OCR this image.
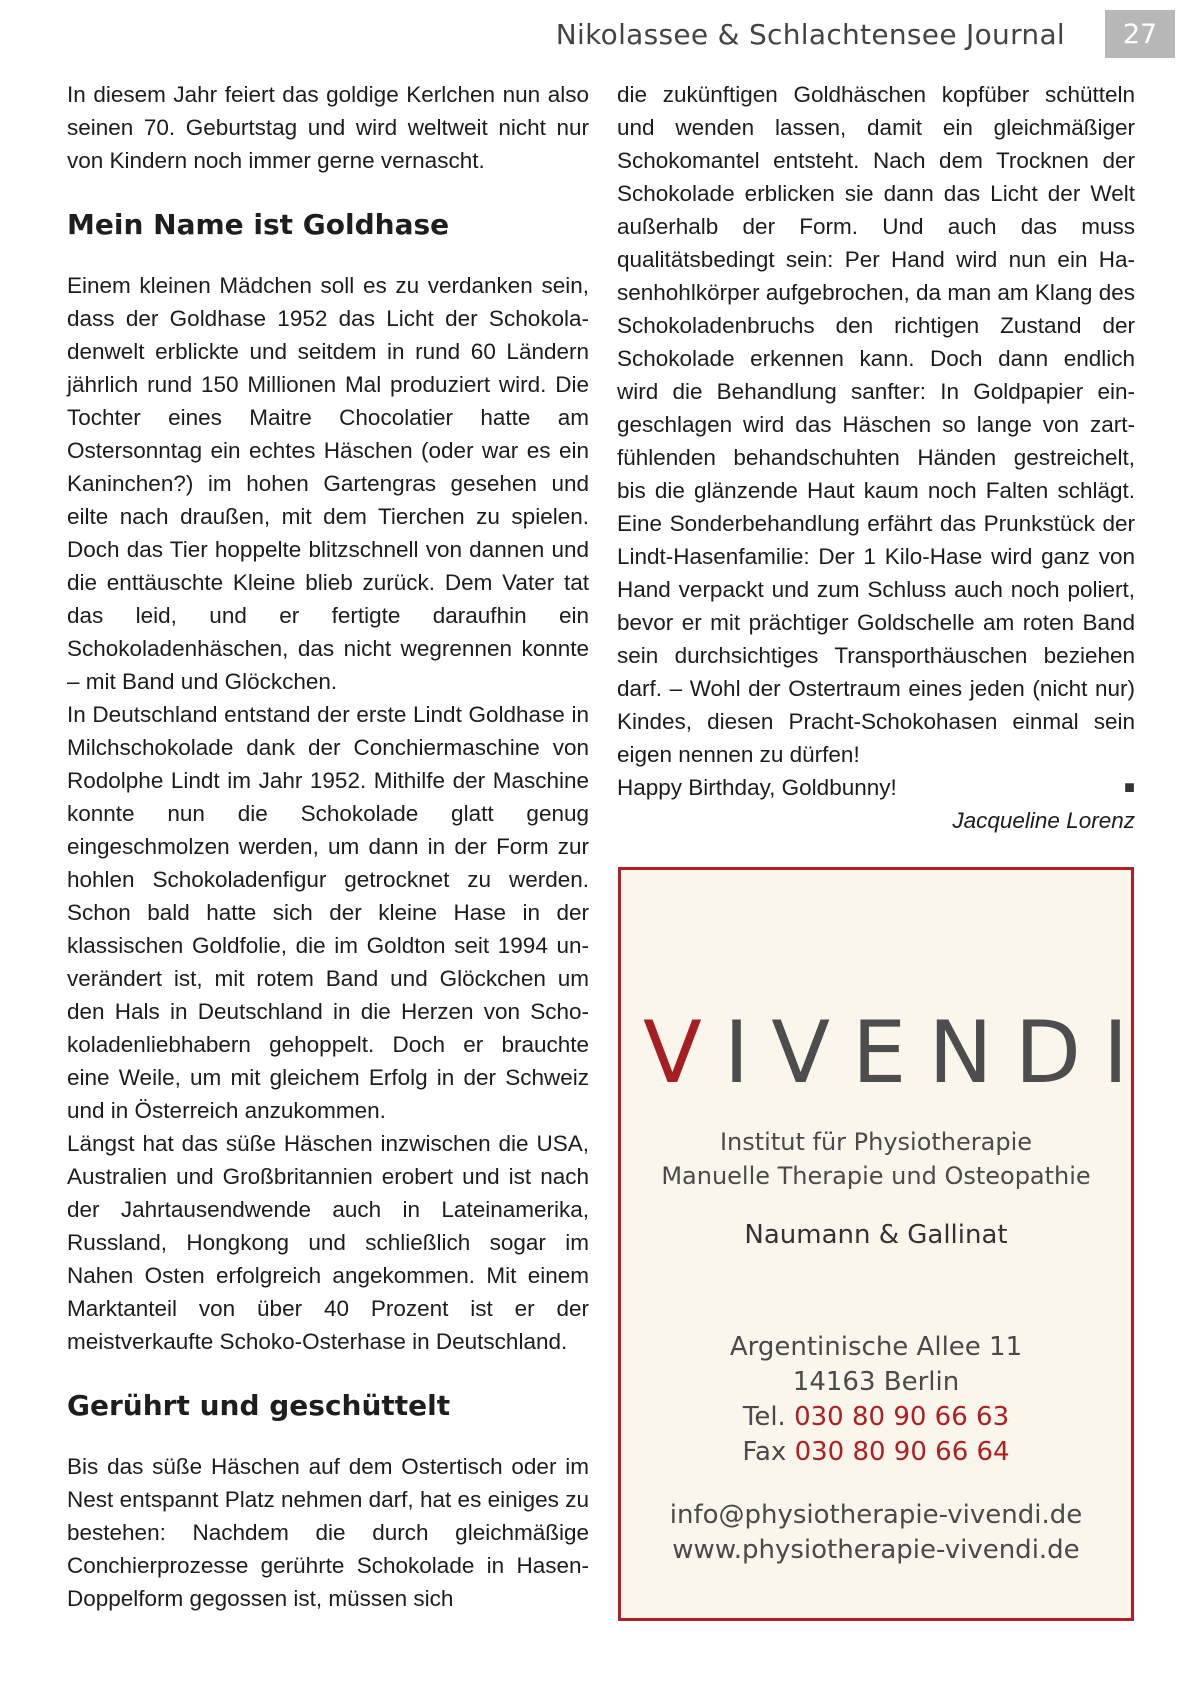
Nikolassee & Schlachtensee Journal	27

In diesem Jahr feiert das goldige Kerlchen nun also seinen 70. Geburtstag und wird weltweit nicht nur von Kindern noch immer gerne vernascht.

Mein Name ist Goldhase

Einem kleinen Mädchen soll es zu verdanken sein, dass der Goldhase 1952 das Licht der Schokoladenwelt erblickte und seitdem in rund 60 Ländern jährlich rund 150 Millionen Mal produziert wird. Die Tochter eines Maitre Chocolatier hatte am Ostersonntag ein echtes Häschen (oder war es ein Kaninchen?) im hohen Gartengras gesehen und eilte nach draußen, mit dem Tierchen zu spielen. Doch das Tier hoppelte blitzschnell von dannen und die enttäuschte Kleine blieb zurück. Dem Vater tat das leid, und er fertigte daraufhin ein Schokoladenhäschen, das nicht wegrennen konnte – mit Band und Glöckchen.

In Deutschland entstand der erste Lindt Goldhase in Milchschokolade dank der Conchiermaschine von Rodolphe Lindt im Jahr 1952. Mithilfe der Maschine konnte nun die Schokolade glatt genug eingeschmolzen werden, um dann in der Form zur hohlen Schokoladenfigur getrocknet zu werden. Schon bald hatte sich der kleine Hase in der klassischen Goldfolie, die im Goldton seit 1994 unverändert ist, mit rotem Band und Glöckchen um den Hals in Deutschland in die Herzen von Schokoladenliebhabern gehoppelt. Doch er brauchte eine Weile, um mit gleichem Erfolg in der Schweiz und in Österreich anzukommen.

Längst hat das süße Häschen inzwischen die USA, Australien und Großbritannien erobert und ist nach der Jahrtausendwende auch in Lateinamerika, Russland, Hongkong und schließlich sogar im Nahen Osten erfolgreich angekommen. Mit einem Marktanteil von über 40 Prozent ist er der meistverkaufte Schoko-Osterhase in Deutschland.

Gerührt und geschüttelt

Bis das süße Häschen auf dem Ostertisch oder im Nest entspannt Platz nehmen darf, hat es einiges zu bestehen: Nachdem die durch gleichmäßige Conchierprozesse gerührte Schokolade in Hasen-Doppelform gegossen ist, müssen sich

die zukünftigen Goldhäschen kopfüber schütteln und wenden lassen, damit ein gleichmäßiger Schokomantel entsteht. Nach dem Trocknen der Schokolade erblicken sie dann das Licht der Welt außerhalb der Form. Und auch das muss qualitätsbedingt sein: Per Hand wird nun ein Hasenhohlkörper aufgebrochen, da man am Klang des Schokoladenbruchs den richtigen Zustand der Schokolade erkennen kann. Doch dann endlich wird die Behandlung sanfter: In Goldpapier eingeschlagen wird das Häschen so lange von zartfühlenden behandschuhten Händen gestreichelt, bis die glänzende Haut kaum noch Falten schlägt. Eine Sonderbehandlung erfährt das Prunkstück der Lindt-Hasenfamilie: Der 1 Kilo-Hase wird ganz von Hand verpackt und zum Schluss auch noch poliert, bevor er mit prächtiger Goldschelle am roten Band sein durchsichtiges Transporthäuschen beziehen darf. – Wohl der Ostertraum eines jeden (nicht nur) Kindes, diesen Pracht-Schokohasen einmal sein eigen nennen zu dürfen!

Happy Birthday, Goldbunny!	■
Jacqueline Lorenz
VIVENDI
Institut für Physiotherapie
Manuelle Therapie und Osteopathie
Naumann & Gallinat
Argentinische Allee 11
14163 Berlin
Tel. 030 80 90 66 63
Fax 030 80 90 66 64
info@physiotherapie-vivendi.de
www.physiotherapie-vivendi.de
